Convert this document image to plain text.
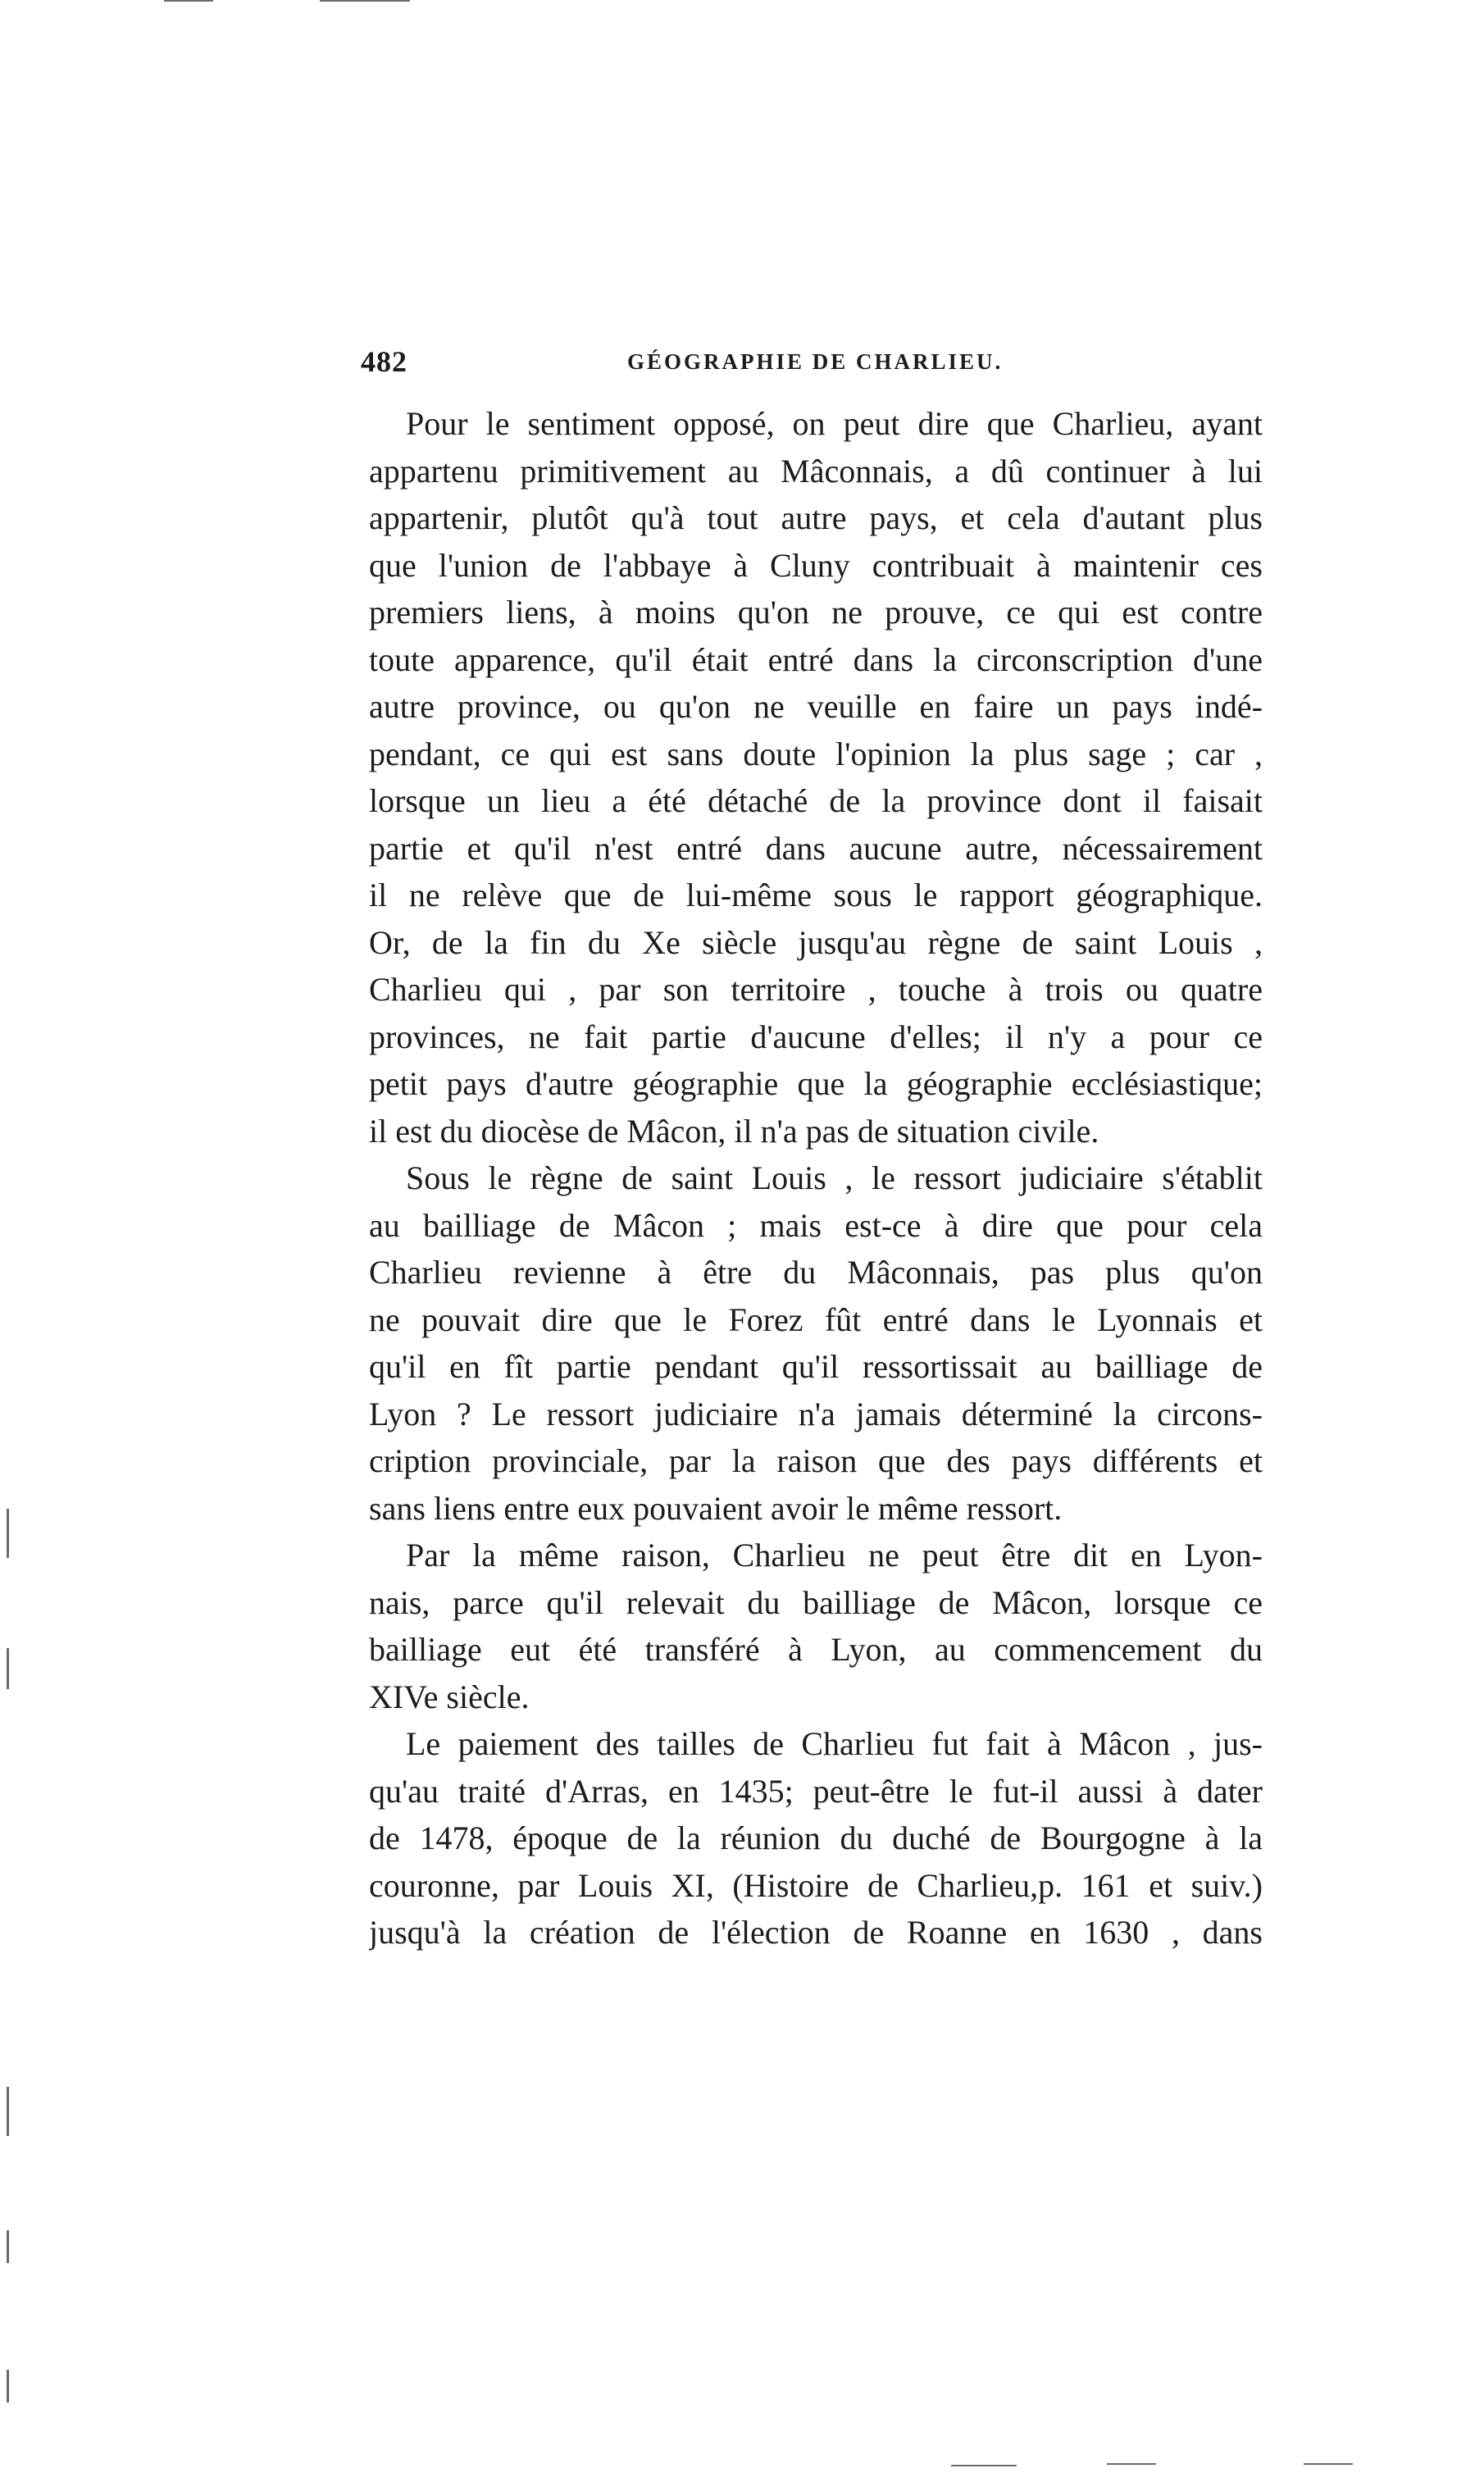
482	GÉOGRAPHIE DE CHARLIEU.
Pour le sentiment opposé, on peut dire que Charlieu, ayant
appartenu primitivement au Mâconnais, a dû continuer à lui
appartenir, plutôt qu'à tout autre pays, et cela d'autant plus
que l'union de l'abbaye à Cluny contribuait à maintenir ces
premiers liens, à moins qu'on ne prouve, ce qui est contre
toute apparence, qu'il était entré dans la circonscription d'une
autre province, ou qu'on ne veuille en faire un pays indé-
pendant, ce qui est sans doute l'opinion la plus sage ; car ,
lorsque un lieu a été détaché de la province dont il faisait
partie et qu'il n'est entré dans aucune autre, nécessairement
il ne relève que de lui-même sous le rapport géographique.
Or, de la fin du Xe siècle jusqu'au règne de saint Louis ,
Charlieu qui , par son territoire , touche à trois ou quatre
provinces, ne fait partie d'aucune d'elles; il n'y a pour ce
petit pays d'autre géographie que la géographie ecclésiastique;
il est du diocèse de Mâcon, il n'a pas de situation civile.
Sous le règne de saint Louis , le ressort judiciaire s'établit
au bailliage de Mâcon ; mais est-ce à dire que pour cela
Charlieu revienne à être du Mâconnais, pas plus qu'on
ne pouvait dire que le Forez fût entré dans le Lyonnais et
qu'il en fît partie pendant qu'il ressortissait au bailliage de
Lyon ? Le ressort judiciaire n'a jamais déterminé la circons-
cription provinciale, par la raison que des pays différents et
sans liens entre eux pouvaient avoir le même ressort.
Par la même raison, Charlieu ne peut être dit en Lyon-
nais, parce qu'il relevait du bailliage de Mâcon, lorsque ce
bailliage eut été transféré à Lyon, au commencement du
XIVe siècle.
Le paiement des tailles de Charlieu fut fait à Mâcon , jus-
qu'au traité d'Arras, en 1435; peut-être le fut-il aussi à dater
de 1478, époque de la réunion du duché de Bourgogne à la
couronne, par Louis XI, (Histoire de Charlieu,p. 161 et suiv.)
jusqu'à la création de l'élection de Roanne en 1630 , dans
